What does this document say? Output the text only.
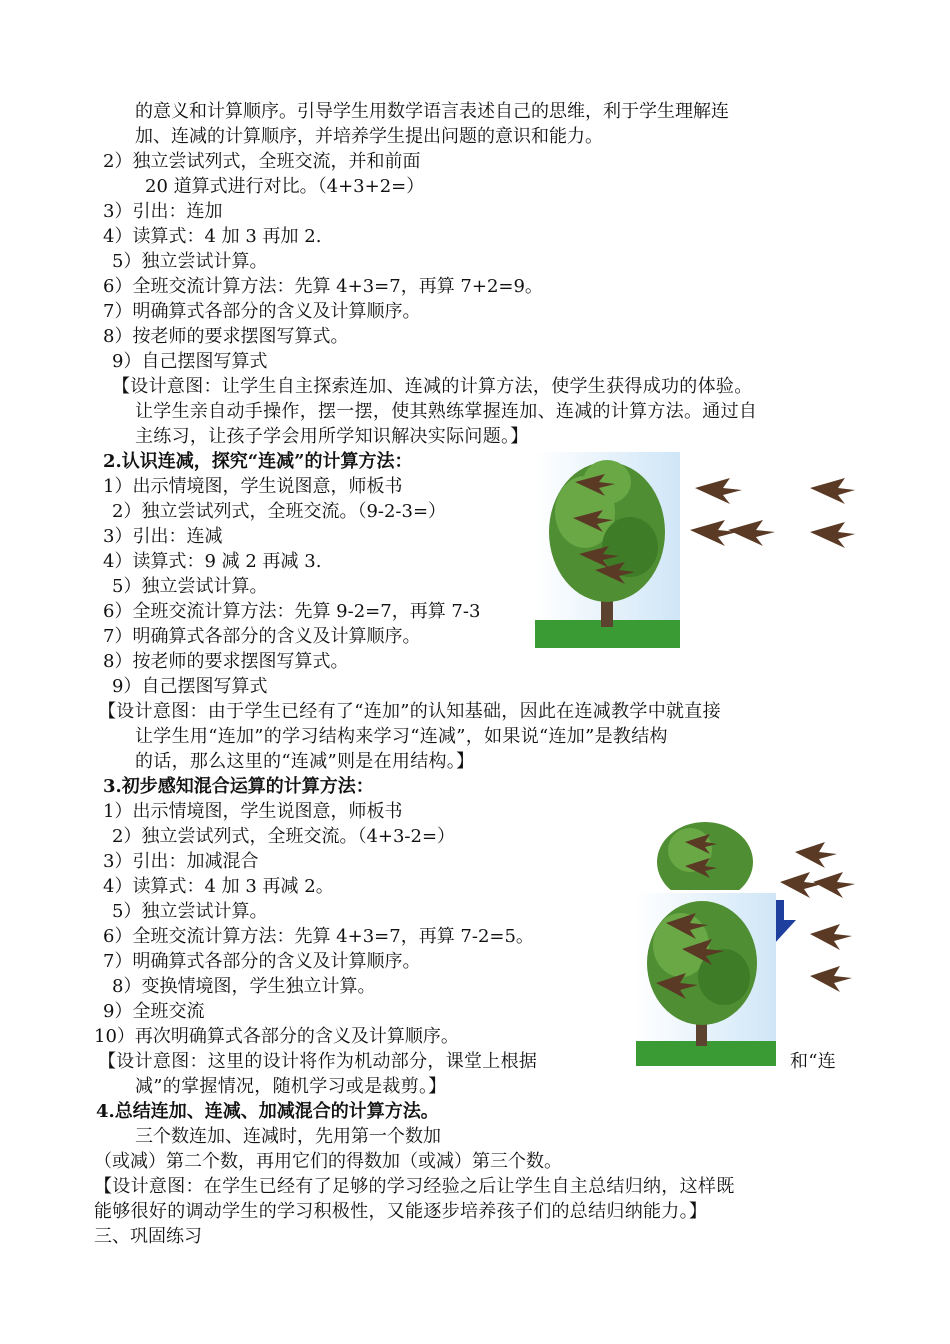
的意义和计算顺序。引导学生用数学语言表述自己的思维，利于学生理解连
加、连减的计算顺序，并培养学生提出问题的意识和能力。
2）独立尝试列式，全班交流，并和前面
20 道算式进行对比。（4+3+2=）
3）引出：连加
4）读算式：4 加 3 再加 2.
5）独立尝试计算。
6）全班交流计算方法：先算 4+3=7，再算 7+2=9。
7）明确算式各部分的含义及计算顺序。
8）按老师的要求摆图写算式。
9）自己摆图写算式
【设计意图：让学生自主探索连加、连减的计算方法，使学生获得成功的体验。
让学生亲自动手操作，摆一摆，使其熟练掌握连加、连减的计算方法。通过自
主练习，让孩子学会用所学知识解决实际问题。】
2.认识连减，探究“连减”的计算方法：
1）出示情境图，学生说图意，师板书
2）独立尝试列式，全班交流。（9-2-3=）
3）引出：连减
4）读算式：9 减 2 再减 3.
5）独立尝试计算。
6）全班交流计算方法：先算 9-2=7，再算 7-3
7）明确算式各部分的含义及计算顺序。
8）按老师的要求摆图写算式。
9）自己摆图写算式
【设计意图：由于学生已经有了“连加”的认知基础，因此在连减教学中就直接
让学生用“连加”的学习结构来学习“连减”，如果说“连加”是教结构
的话，那么这里的“连减”则是在用结构。】
3.初步感知混合运算的计算方法：
1）出示情境图，学生说图意，师板书
2）独立尝试列式，全班交流。（4+3-2=）
3）引出：加减混合
4）读算式：4 加 3 再减 2。
5）独立尝试计算。
6）全班交流计算方法：先算 4+3=7，再算 7-2=5。
7）明确算式各部分的含义及计算顺序。
8）变换情境图，学生独立计算。
9）全班交流
10）再次明确算式各部分的含义及计算顺序。
【设计意图：这里的设计将作为机动部分，课堂上根据	和“连
减”的掌握情况，随机学习或是裁剪。】
4.总结连加、连减、加减混合的计算方法。
三个数连加、连减时，先用第一个数加
（或减）第二个数，再用它们的得数加（或减）第三个数。
【设计意图：在学生已经有了足够的学习经验之后让学生自主总结归纳，这样既
能够很好的调动学生的学习积极性，又能逐步培养孩子们的总结归纳能力。】
三、巩固练习
